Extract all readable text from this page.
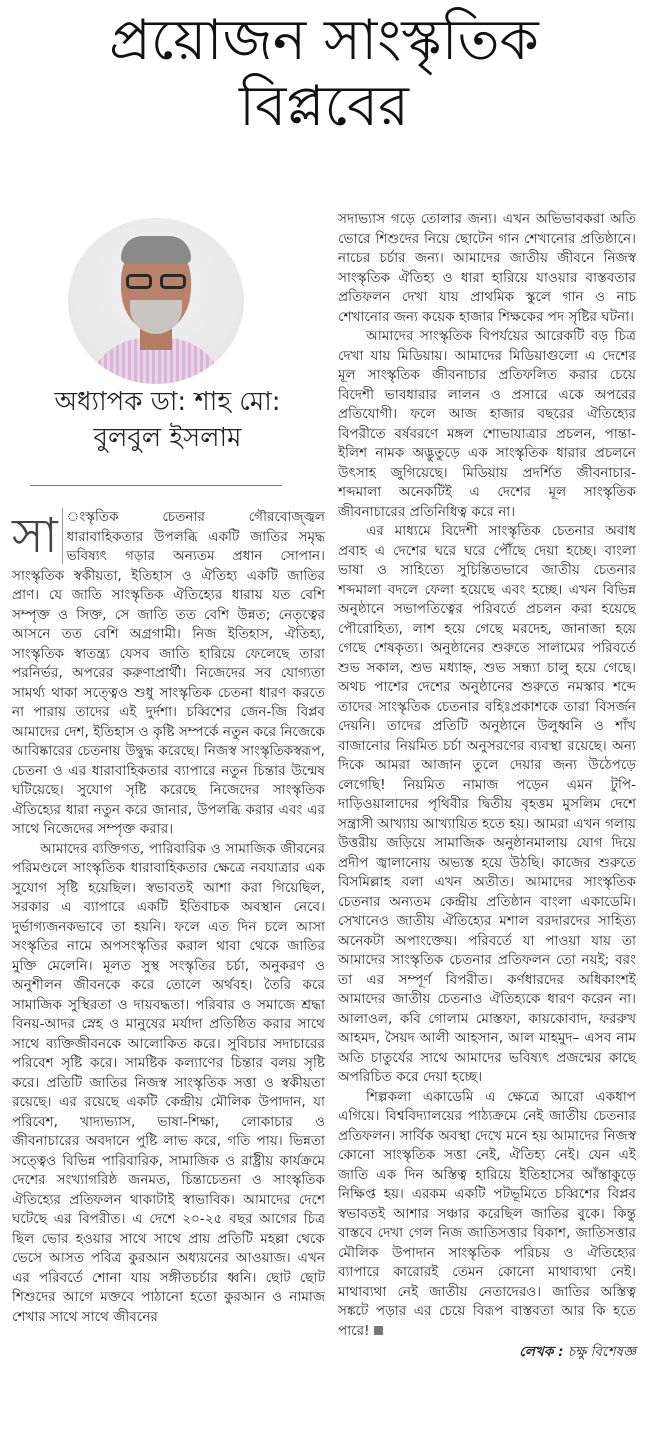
প্রয়োজন সাংস্কৃতিক
বিপ্লবের
অধ্যাপক ডা: শাহ মো:
বুলবুল ইসলাম

সা ংস্কৃতিক চেতনার গৌরবোজ্জ্বল ধারাবাহিকতার উপলব্ধি একটি জাতির সমৃদ্ধ ভবিষ্যৎ গড়ার অন্যতম প্রধান সোপান। সাংস্কৃতিক স্বকীয়তা, ইতিহাস ও ঐতিহ্য একটি জাতির প্রাণ। যে জাতি সাংস্কৃতিক ঐতিহ্যের ধারায় যত বেশি সম্পৃক্ত ও সিক্ত, সে জাতি তত বেশি উন্নত; নেতৃত্বের আসনে তত বেশি অগ্রগামী। নিজ ইতিহাস, ঐতিহ্য, সাংস্কৃতিক স্বাতন্ত্র্য যেসব জাতি হারিয়ে ফেলেছে তারা পরনির্ভর, অপরের করুণাপ্রার্থী। নিজেদের সব যোগ্যতা সামর্থ্য থাকা সত্ত্বেও শুধু সাংস্কৃতিক চেতনা ধারণ করতে না পারায় তাদের এই দুর্দশা। চব্বিশের জেন-জি বিপ্লব আমাদের দেশ, ইতিহাস ও কৃষ্টি সম্পর্কে নতুন করে নিজেকে আবিষ্কারের চেতনায় উদ্বুদ্ধ করেছে। নিজস্ব সাংস্কৃতিকস্বরূপ, চেতনা ও এর ধারাবাহিকতার ব্যাপারে নতুন চিন্তার উন্মেষ ঘটিয়েছে। সুযোগ সৃষ্টি করেছে নিজেদের সাংস্কৃতিক ঐতিহ্যের ধারা নতুন করে জানার, উপলব্ধি করার এবং এর সাথে নিজেদের সম্পৃক্ত করার।

আমাদের ব্যক্তিগত, পারিবারিক ও সামাজিক জীবনের পরিমণ্ডলে সাংস্কৃতিক ধারাবাহিকতার ক্ষেত্রে নবযাত্রার এক সুযোগ সৃষ্টি হয়েছিল। স্বভাবতই আশা করা গিয়েছিল, সরকার এ ব্যাপারে একটি ইতিবাচক অবস্থান নেবে। দুর্ভাগ্যজনকভাবে তা হয়নি। ফলে এত দিন চলে আসা সংস্কৃতির নামে অপসংস্কৃতির করাল থাবা থেকে জাতির মুক্তি মেলেনি। মূলত সুস্থ সংস্কৃতির চর্চা, অনুকরণ ও অনুশীলন জীবনকে করে তোলে অর্থবহ। তৈরি করে সামাজিক সুস্থিরতা ও দায়বদ্ধতা। পরিবার ও সমাজে শ্রদ্ধা বিনয়-আদর স্নেহ ও মানুষের মর্যাদা প্রতিষ্ঠিত করার সাথে সাথে ব্যক্তিজীবনকে আলোকিত করে। সুবিচার সদাচারের পরিবেশ সৃষ্টি করে। সামষ্টিক কল্যাণের চিন্তার বলয় সৃষ্টি করে। প্রতিটি জাতির নিজস্ব সাংস্কৃতিক সত্তা ও স্বকীয়তা রয়েছে। এর রয়েছে একটি কেন্দ্রীয় মৌলিক উপাদান, যা পরিবেশ, খাদ্যভ্যাস, ভাষা-শিক্ষা, লোকাচার ও জীবনাচারের অবদানে পুষ্টি লাভ করে, গতি পায়। ভিন্নতা সত্ত্বেও বিভিন্ন পারিবারিক, সামাজিক ও রাষ্ট্রীয় কার্যক্রমে দেশের সংখ্যাগরিষ্ঠ জনমত, চিন্তাচেতনা ও সাংস্কৃতিক ঐতিহ্যের প্রতিফলন থাকাটাই স্বাভাবিক। আমাদের দেশে ঘটেছে এর বিপরীত। এ দেশে ২০-২৫ বছর আগের চিত্র ছিল ভোর হওয়ার সাথে সাথে প্রায় প্রতিটি মহল্লা থেকে ভেসে আসত পবিত্র কুরআন অধ্যয়নের আওয়াজ। এখন এর পরিবর্তে শোনা যায় সঙ্গীতচর্চার ধ্বনি। ছোট ছোট শিশুদের আগে মক্তবে পাঠানো হতো কুরআন ও নামাজ শেখার সাথে সাথে জীবনের

সদাভ্যাস গড়ে তোলার জন্য। এখন অভিভাবকরা অতি ভোরে শিশুদের নিয়ে ছোটেন গান শেখানোর প্রতিষ্ঠানে। নাচের চর্চার জন্য। আমাদের জাতীয় জীবনে নিজস্ব সাংস্কৃতিক ঐতিহ্য ও ধারা হারিয়ে যাওয়ার বাস্তবতার প্রতিফলন দেখা যায় প্রাথমিক স্কুলে গান ও নাচ শেখানোর জন্য কয়েক হাজার শিক্ষকের পদ সৃষ্টির ঘটনা।

আমাদের সাংস্কৃতিক বিপর্যয়ের আরেকটি বড় চিত্র দেখা যায় মিডিয়ায়। আমাদের মিডিয়াগুলো এ দেশের মূল সাংস্কৃতিক জীবনাচার প্রতিফলিত করার চেয়ে বিদেশী ভাবধারার লালন ও প্রসারে একে অপরের প্রতিযোগী। ফলে আজ হাজার বছরের ঐতিহ্যের বিপরীতে বর্ষবরণে মঙ্গল শোভাযাত্রার প্রচলন, পান্তা-ইলিশ নামক অদ্ভুতুড়ে এক সাংস্কৃতিক ধারার প্রচলনে উৎসাহ জুগিয়েছে। মিডিয়ায় প্রদর্শিত জীবনাচার-শব্দমালা অনেকটিই এ দেশের মূল সাংস্কৃতিক জীবনাচারের প্রতিনিধিত্ব করে না।

এর মাধ্যমে বিদেশী সাংস্কৃতিক চেতনার অবাধ প্রবাহ এ দেশের ঘরে ঘরে পৌঁছে দেয়া হচ্ছে। বাংলা ভাষা ও সাহিত্যে সুচিন্তিতভাবে জাতীয় চেতনার শব্দমালা বদলে ফেলা হয়েছে এবং হচ্ছে। এখন বিভিন্ন অনুষ্ঠানে সভাপতিত্বের পরিবর্তে প্রচলন করা হয়েছে পৌরোহিত্য, লাশ হয়ে গেছে মরদেহ, জানাজা হয়ে গেছে শেষকৃত্য। অনুষ্ঠানের শুরুতে সালামের পরিবর্তে শুভ সকাল, শুভ মধ্যাহ্ন, শুভ সন্ধ্যা চালু হয়ে গেছে। অথচ পাশের দেশের অনুষ্ঠানের শুরুতে নমস্কার শব্দে তাদের সাংস্কৃতিক চেতনার বহিঃপ্রকাশকে তারা বিসর্জন দেয়নি। তাদের প্রতিটি অনুষ্ঠানে উলুধ্বনি ও শাঁখ বাজানোর নিয়মিত চর্চা অনুসরণের ব্যবস্থা রয়েছে। অন্য দিকে আমরা আজান তুলে দেয়ার জন্য উঠেপড়ে লেগেছি! নিয়মিত নামাজ পড়েন এমন টুপি-দাড়িওয়ালাদের পৃথিবীর দ্বিতীয় বৃহত্তম মুসলিম দেশে সন্ত্রাসী আখ্যায় আখ্যায়িত হতে হয়। আমরা এখন গলায় উত্তরীয় জড়িয়ে সামাজিক অনুষ্ঠানমালায় যোগ দিয়ে প্রদীপ জ্বালানোয় অভ্যস্ত হয়ে উঠছি। কাজের শুরুতে বিসমিল্লাহ বলা এখন অতীত। আমাদের সাংস্কৃতিক চেতনার অন্যতম কেন্দ্রীয় প্রতিষ্ঠান বাংলা একাডেমি। সেখানেও জাতীয় ঐতিহ্যের মশাল বরদারদের সাহিত্য অনেকটা অপাংক্তেয়। পরিবর্তে যা পাওয়া যায় তা আমাদের সাংস্কৃতিক চেতনার প্রতিফলন তো নয়ই; বরং তা এর সম্পূর্ণ বিপরীত। কর্ণধারদের অধিকাংশই আমাদের জাতীয় চেতনাও ঐতিহ্যকে ধারণ করেন না। আলাওল, কবি গোলাম মোস্তফা, কায়কোবাদ, ফররুখ আহমদ, সৈয়দ আলী আহসান, আল মাহমুদ– এসব নাম অতি চাতুর্যের সাথে আমাদের ভবিষ্যৎ প্রজন্মের কাছে অপরিচিত করে দেয়া হচ্ছে।

শিল্পকলা একাডেমি এ ক্ষেত্রে আরো একধাপ এগিয়ে। বিশ্ববিদ্যালয়ের পাঠ্যক্রমে নেই জাতীয় চেতনার প্রতিফলন। সার্বিক অবস্থা দেখে মনে হয় আমাদের নিজস্ব কোনো সাংস্কৃতিক সত্তা নেই, ঐতিহ্য নেই। যেন এই জাতি এক দিন অস্তিত্ব হারিয়ে ইতিহাসের আঁস্তাকুড়ে নিক্ষিপ্ত হয়। এরকম একটি পটভূমিতে চব্বিশের বিপ্লব স্বভাবতই আশার সঞ্চার করেছিল জাতির বুকে। কিন্তু বাস্তবে দেখা গেল নিজ জাতিসত্তার বিকাশ, জাতিসত্তার মৌলিক উপাদান সাংস্কৃতিক পরিচয় ও ঐতিহ্যের ব্যাপারে কারোরই তেমন কোনো মাথাব্যথা নেই। মাথাব্যথা নেই জাতীয় নেতাদেরও। জাতির অস্তিত্ব সঙ্কটে পড়ার এর চেয়ে বিরূপ বাস্তবতা আর কি হতে পারে!

লেখক : চক্ষু বিশেষজ্ঞ
